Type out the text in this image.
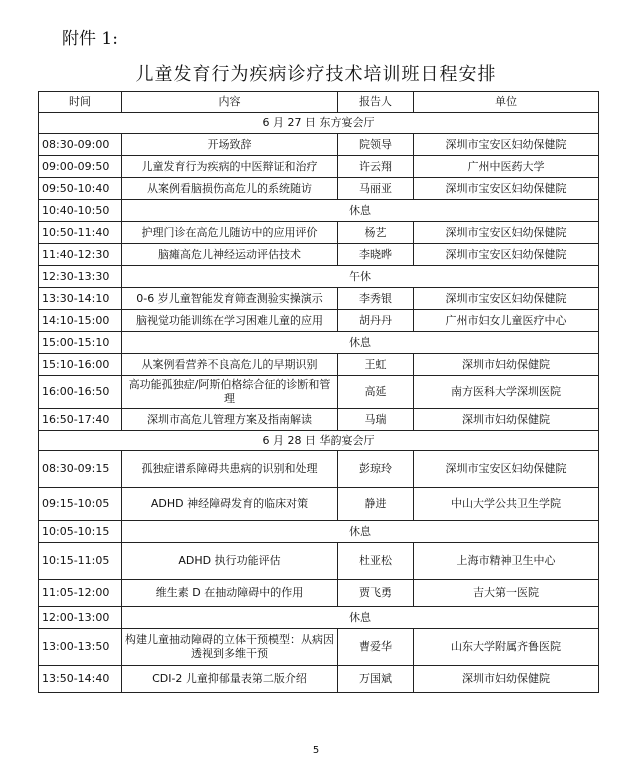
附件 1:
儿童发育行为疾病诊疗技术培训班日程安排
时间	内容	报告人	单位
6 月 27 日 东方宴会厅			
08:30-09:00	开场致辞	院领导	深圳市宝安区妇幼保健院
09:00-09:50	儿童发育行为疾病的中医辩证和治疗	许云翔	广州中医药大学
09:50-10:40	从案例看脑损伤高危儿的系统随访	马丽亚	深圳市宝安区妇幼保健院
10:40-10:50	休息		
10:50-11:40	护理门诊在高危儿随访中的应用评价	杨艺	深圳市宝安区妇幼保健院
11:40-12:30	脑瘫高危儿神经运动评估技术	李晓晔	深圳市宝安区妇幼保健院
12:30-13:30	午休		
13:30-14:10	0-6 岁儿童智能发育筛查测验实操演示	李秀银	深圳市宝安区妇幼保健院
14:10-15:00	脑视觉功能训练在学习困难儿童的应用	胡丹丹	广州市妇女儿童医疗中心
15:00-15:10	休息		
15:10-16:00	从案例看营养不良高危儿的早期识别	王虹	深圳市妇幼保健院
16:00-16:50	高功能孤独症/阿斯伯格综合征的诊断和管理	高延	南方医科大学深圳医院
16:50-17:40	深圳市高危儿管理方案及指南解读	马瑞	深圳市妇幼保健院
6 月 28 日 华韵宴会厅			
08:30-09:15	孤独症谱系障碍共患病的识别和处理	彭琼玲	深圳市宝安区妇幼保健院
09:15-10:05	ADHD 神经障碍发育的临床对策	静进	中山大学公共卫生学院
10:05-10:15	休息		
10:15-11:05	ADHD 执行功能评估	杜亚松	上海市精神卫生中心
11:05-12:00	维生素 D 在抽动障碍中的作用	贾飞勇	吉大第一医院
12:00-13:00	休息		
13:00-13:50	构建儿童抽动障碍的立体干预模型：从病因透视到多维干预	曹爱华	山东大学附属齐鲁医院
13:50-14:40	CDI-2 儿童抑郁量表第二版介绍	万国斌	深圳市妇幼保健院
5
